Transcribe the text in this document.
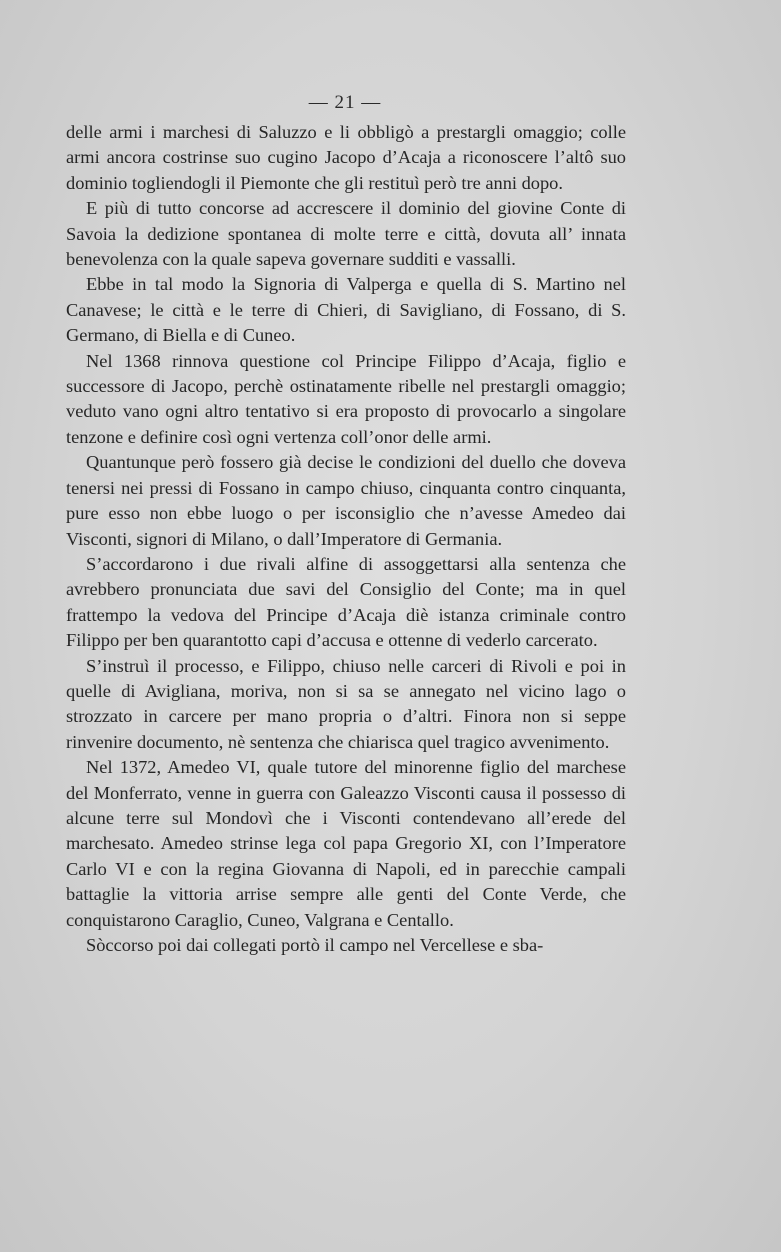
— 21 —

delle armi i marchesi di Saluzzo e li obbligò a prestargli omaggio; colle armi ancora costrinse suo cugino Jacopo d’Acaja a riconoscere l’altô suo dominio togliendogli il Piemonte che gli restituì però tre anni dopo.

E più di tutto concorse ad accrescere il dominio del giovine Conte di Savoia la dedizione spontanea di molte terre e città, dovuta all’ innata benevolenza con la quale sapeva governare sudditi e vassalli.

Ebbe in tal modo la Signoria di Valperga e quella di S. Martino nel Canavese; le città e le terre di Chieri, di Savigliano, di Fossano, di S. Germano, di Biella e di Cuneo.

Nel 1368 rinnova questione col Principe Filippo d’Acaja, figlio e successore di Jacopo, perchè ostinatamente ribelle nel prestargli omaggio; veduto vano ogni altro tentativo si era proposto di provocarlo a singolare tenzone e definire così ogni vertenza coll’onor delle armi.

Quantunque però fossero già decise le condizioni del duello che doveva tenersi nei pressi di Fossano in campo chiuso, cinquanta contro cinquanta, pure esso non ebbe luogo o per isconsiglio che n’avesse Amedeo dai Visconti, signori di Milano, o dall’Imperatore di Germania.

S’accordarono i due rivali alfine di assoggettarsi alla sentenza che avrebbero pronunciata due savi del Consiglio del Conte; ma in quel frattempo la vedova del Principe d’Acaja diè istanza criminale contro Filippo per ben quarantotto capi d’accusa e ottenne di vederlo carcerato.

S’instruì il processo, e Filippo, chiuso nelle carceri di Rivoli e poi in quelle di Avigliana, moriva, non si sa se annegato nel vicino lago o strozzato in carcere per mano propria o d’altri. Finora non si seppe rinvenire documento, nè sentenza che chiarisca quel tragico avvenimento.

Nel 1372, Amedeo VI, quale tutore del minorenne figlio del marchese del Monferrato, venne in guerra con Galeazzo Visconti causa il possesso di alcune terre sul Mondovì che i Visconti contendevano all’erede del marchesato. Amedeo strinse lega col papa Gregorio XI, con l’Imperatore Carlo VI e con la regina Giovanna di Napoli, ed in parecchie campali battaglie la vittoria arrise sempre alle genti del Conte Verde, che conquistarono Caraglio, Cuneo, Valgrana e Centallo.

Sòccorso poi dai collegati portò il campo nel Vercellese e sba-
